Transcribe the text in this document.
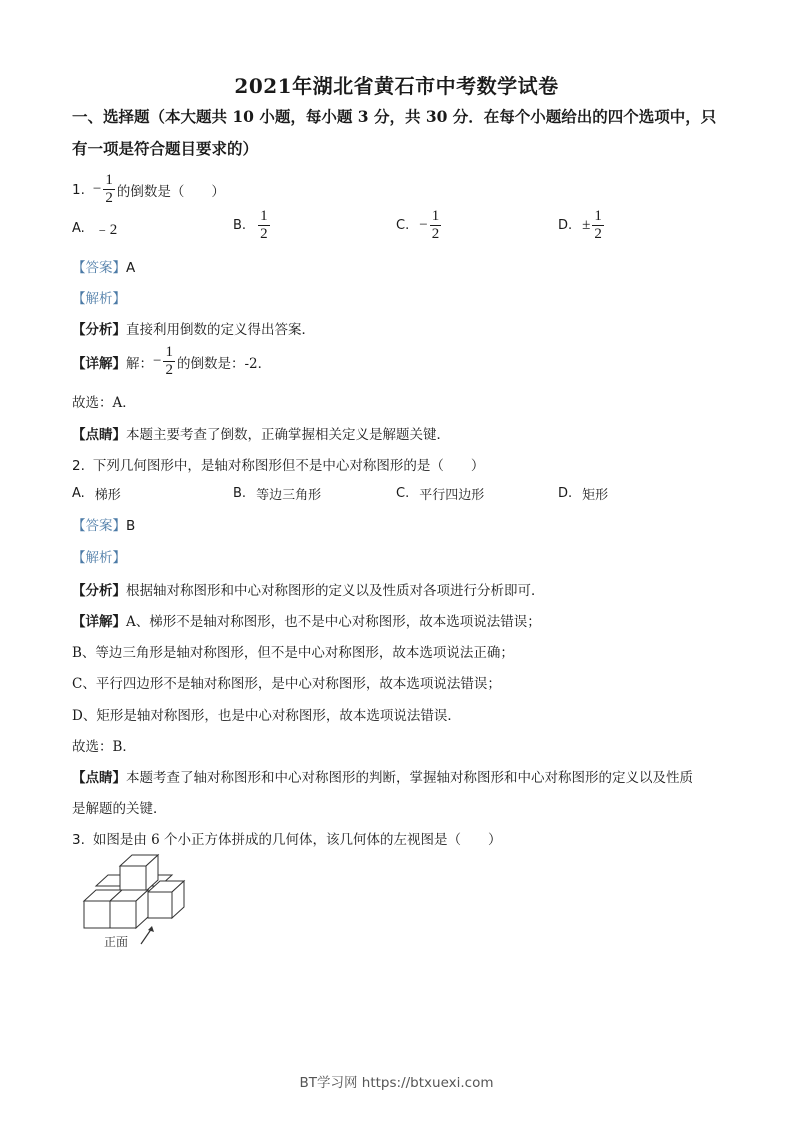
2021年湖北省黄石市中考数学试卷
一、选择题（本大题共 10 小题，每小题 3 分，共 30 分．在每个小题给出的四个选项中，只
有一项是符合题目要求的）
1. − $\frac{1}{2}$ 的倒数是（　　）
A. ﹣2	B. $\frac{1}{2}$	C. − $\frac{1}{2}$	D. ± $\frac{1}{2}$
【答案】A
【解析】
【分析】直接利用倒数的定义得出答案．
【详解】 解： − $\frac{1}{2}$ 的倒数是：-2．
故选：A．
【点睛】本题主要考查了倒数，正确掌握相关定义是解题关键．
2. 下列几何图形中，是轴对称图形但不是中心对称图形的是（　　）
A. 梯形	B. 等边三角形	C. 平行四边形	D. 矩形
【答案】B
【解析】
【分析】根据轴对称图形和中心对称图形的定义以及性质对各项进行分析即可．
【详解】A、梯形不是轴对称图形，也不是中心对称图形，故本选项说法错误；
B、等边三角形是轴对称图形，但不是中心对称图形，故本选项说法正确；
C、平行四边形不是轴对称图形，是中心对称图形，故本选项说法错误；
D、矩形是轴对称图形，也是中心对称图形，故本选项说法错误．
故选：B．
【点睛】本题考查了轴对称图形和中心对称图形的判断，掌握轴对称图形和中心对称图形的定义以及性质
是解题的关键．
3. 如图是由 6 个小正方体拼成的几何体，该几何体的左视图是（　　）
正面
BT学习网 https://btxuexi.com
